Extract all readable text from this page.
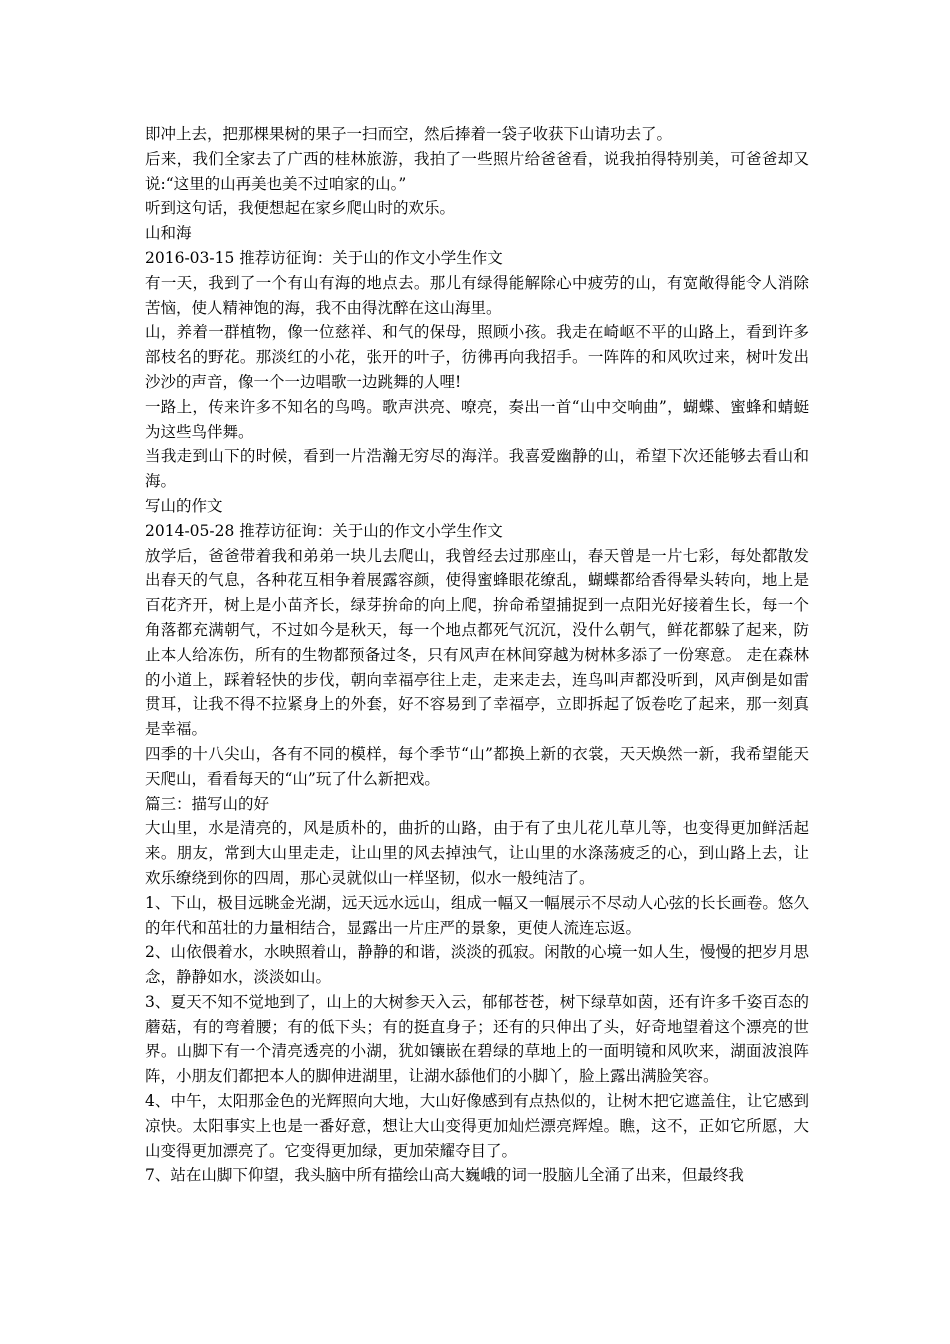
即冲上去，把那棵果树的果子一扫而空，然后捧着一袋子收获下山请功去了。

后来，我们全家去了广西的桂林旅游，我拍了一些照片给爸爸看，说我拍得特别美，可爸爸却又说:“这里的山再美也美不过咱家的山。”

听到这句话，我便想起在家乡爬山时的欢乐。

山和海

2016-03-15 推荐访征询：关于山的作文小学生作文

有一天，我到了一个有山有海的地点去。那儿有绿得能解除心中疲劳的山，有宽敞得能令人消除苦恼，使人精神饱的海，我不由得沈醉在这山海里。

山，养着一群植物，像一位慈祥、和气的保母，照顾小孩。我走在崎岖不平的山路上，看到许多部枝名的野花。那淡红的小花，张开的叶子，彷彿再向我招手。一阵阵的和风吹过来，树叶发出沙沙的声音，像一个一边唱歌一边跳舞的人哩!

一路上，传来许多不知名的鸟鸣。歌声洪亮、嘹亮，奏出一首“山中交响曲”，蝴蝶、蜜蜂和蜻蜓为这些鸟伴舞。

当我走到山下的时候，看到一片浩瀚无穷尽的海洋。我喜爱幽静的山，希望下次还能够去看山和海。

写山的作文

2014-05-28 推荐访征询：关于山的作文小学生作文

放学后，爸爸带着我和弟弟一块儿去爬山，我曾经去过那座山，春天曾是一片七彩，每处都散发出春天的气息，各种花互相争着展露容颜，使得蜜蜂眼花缭乱，蝴蝶都给香得晕头转向，地上是百花齐开，树上是小苗齐长，绿芽拚命的向上爬，拚命希望捕捉到一点阳光好接着生长，每一个角落都充满朝气，不过如今是秋天，每一个地点都死气沉沉，没什么朝气，鲜花都躲了起来，防止本人给冻伤，所有的生物都预备过冬，只有风声在林间穿越为树林多添了一份寒意。 走在森林的小道上，踩着轻快的步伐，朝向幸福亭往上走，走来走去，连鸟叫声都没听到，风声倒是如雷贯耳，让我不得不拉紧身上的外套，好不容易到了幸福亭，立即拆起了饭卷吃了起来，那一刻真是幸福。

四季的十八尖山，各有不同的模样，每个季节“山”都换上新的衣裳，天天焕然一新，我希望能天天爬山，看看每天的“山”玩了什么新把戏。

篇三：描写山的好

大山里，水是清亮的，风是质朴的，曲折的山路，由于有了虫儿花儿草儿等，也变得更加鲜活起来。朋友，常到大山里走走，让山里的风去掉浊气，让山里的水涤荡疲乏的心，到山路上去，让欢乐缭绕到你的四周，那心灵就似山一样坚韧，似水一般纯洁了。

1、下山，极目远眺金光湖，远天远水远山，组成一幅又一幅展示不尽动人心弦的长长画卷。悠久的年代和茁壮的力量相结合，显露出一片庄严的景象，更使人流连忘返。

2、山依偎着水，水映照着山，静静的和谐，淡淡的孤寂。闲散的心境一如人生，慢慢的把岁月思念，静静如水，淡淡如山。

3、夏天不知不觉地到了，山上的大树参天入云，郁郁苍苍，树下绿草如茵，还有许多千姿百态的蘑菇，有的弯着腰；有的低下头；有的挺直身子；还有的只伸出了头，好奇地望着这个漂亮的世界。山脚下有一个清亮透亮的小湖，犹如镶嵌在碧绿的草地上的一面明镜和风吹来，湖面波浪阵阵，小朋友们都把本人的脚伸进湖里，让湖水舔他们的小脚丫，脸上露出满脸笑容。

4、中午，太阳那金色的光辉照向大地，大山好像感到有点热似的，让树木把它遮盖住，让它感到凉快。太阳事实上也是一番好意，想让大山变得更加灿烂漂亮辉煌。瞧，这不，正如它所愿，大山变得更加漂亮了。它变得更加绿，更加荣耀夺目了。

7、站在山脚下仰望，我头脑中所有描绘山高大巍峨的词一股脑儿全涌了出来，但最终我
